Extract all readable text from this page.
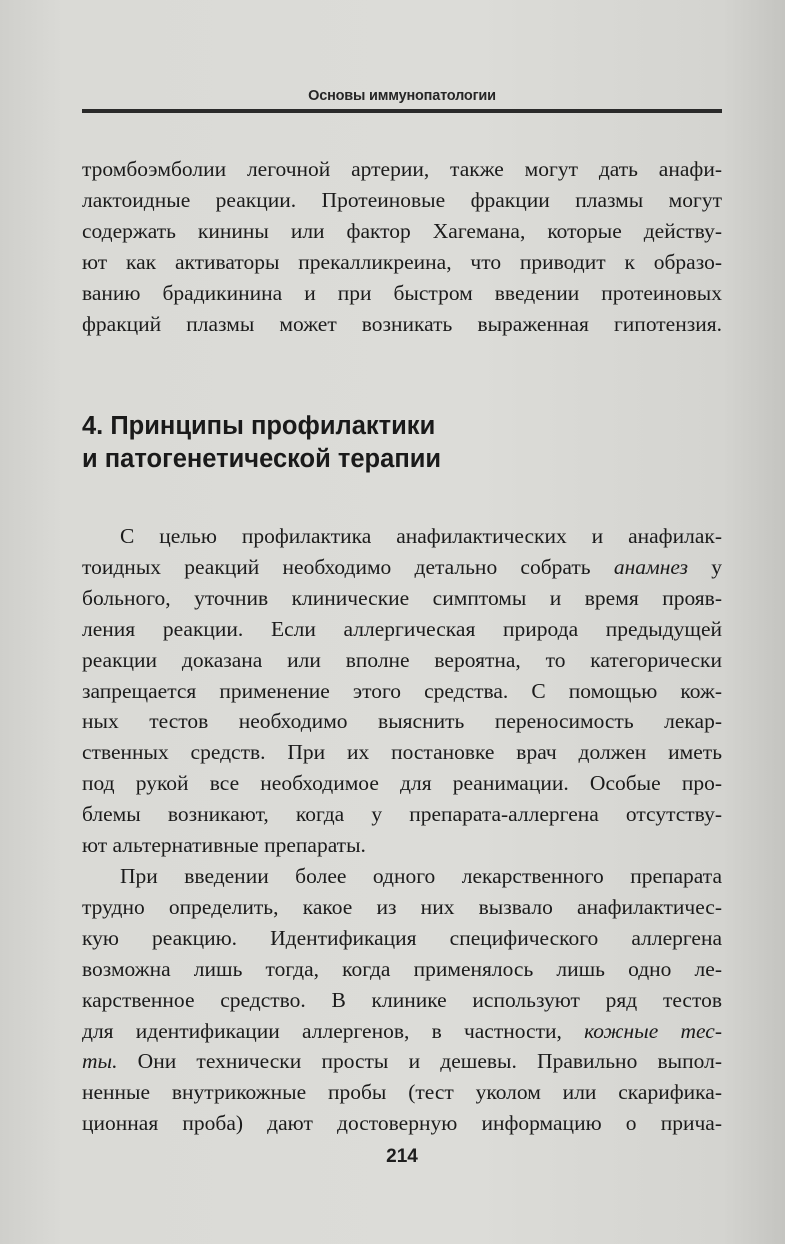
Основы иммунопатологии

тромбоэмболии легочной артерии, также могут дать анафи-
лактоидные реакции. Протеиновые фракции плазмы могут
содержать кинины или фактор Хагемана, которые действу-
ют как активаторы прекалликреина, что приводит к образо-
ванию брадикинина и при быстром введении протеиновых
фракций плазмы может возникать выраженная гипотензия.

4. Принципы профилактики
и патогенетической терапии

С целью профилактика анафилактических и анафилак-
тоидных реакций необходимо детально собрать анамнез у
больного, уточнив клинические симптомы и время прояв-
ления реакции. Если аллергическая природа предыдущей
реакции доказана или вполне вероятна, то категорически
запрещается применение этого средства. С помощью кож-
ных тестов необходимо выяснить переносимость лекар-
ственных средств. При их постановке врач должен иметь
под рукой все необходимое для реанимации. Особые про-
блемы возникают, когда у препарата-аллергена отсутству-
ют альтернативные препараты.

При введении более одного лекарственного препарата
трудно определить, какое из них вызвало анафилактичес-
кую реакцию. Идентификация специфического аллергена
возможна лишь тогда, когда применялось лишь одно ле-
карственное средство. В клинике используют ряд тестов
для идентификации аллергенов, в частности, кожные тес-
ты. Они технически просты и дешевы. Правильно выпол-
ненные внутрикожные пробы (тест уколом или скарифика-
ционная проба) дают достоверную информацию о прича-

214
